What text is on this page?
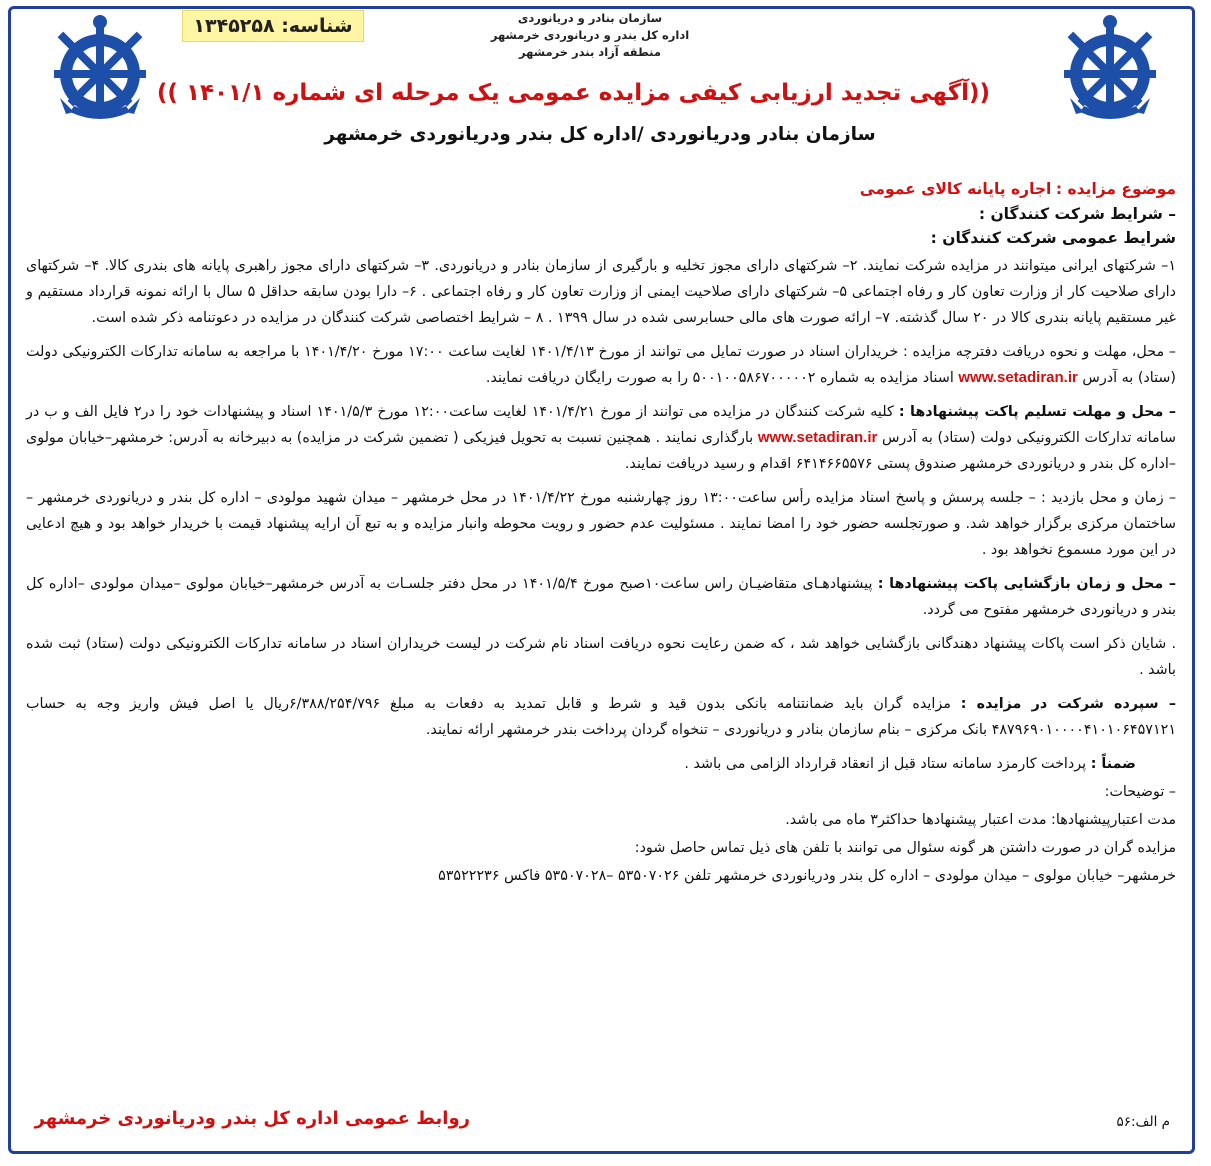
شناسه: ۱۳۴۵۲۵۸	سازمان بنادر و دریانوردی
اداره کل بندر و دریانوردی خرمشهر
منطقه آزاد بندر خرمشهر
((آگهی تجدید ارزیابی کیفی مزایده عمومی یک مرحله ای شماره ۱۴۰۱/۱ ))
سازمان بنادر ودریانوردی /اداره کل بندر ودریانوردی خرمشهر

موضوع مزایده : اجاره پایانه کالای عمومی

– شرایط شرکت کنندگان :

شرایط عمومی شرکت کنندگان :

۱– شرکتهای ایرانی میتوانند در مزایده شرکت نمایند. ۲– شرکتهای دارای مجوز تخلیه و بارگیری از سازمان بنادر و دریانوردی. ۳– شرکتهای دارای مجوز راهبری پایانه های بندری کالا. ۴– شرکتهای دارای صلاحیت کار از وزارت تعاون کار و رفاه اجتماعی ۵– شرکتهای دارای صلاحیت ایمنی از وزارت تعاون کار و رفاه اجتماعی . ۶– دارا بودن سابقه حداقل ۵ سال با ارائه نمونه قرارداد مستقیم و غیر مستقیم پایانه بندری کالا در ۲۰ سال گذشته. ۷– ارائه صورت های مالی حسابرسی شده در سال ۱۳۹۹ . ۸ – شرایط اختصاصی شرکت کنندگان در مزایده در دعوتنامه ذکر شده است.

– محل، مهلت و نحوه دریافت دفترچه مزایده : خریداران اسناد در صورت تمایل می توانند از مورخ ۱۴۰۱/۴/۱۳ لغایت ساعت ۱۷:۰۰ مورخ ۱۴۰۱/۴/۲۰ با مراجعه به سامانه تدارکات الکترونیکی دولت (ستاد) به آدرس www.setadiran.ir اسناد مزایده به شماره ۵۰۰۱۰۰۵۸۶۷۰۰۰۰۰۲ را به صورت رایگان دریافت نمایند.

– محل و مهلت تسلیم پاکت پیشنهادها : کلیه شرکت کنندگان در مزایده می توانند از مورخ ۱۴۰۱/۴/۲۱ لغایت ساعت۱۲:۰۰ مورخ ۱۴۰۱/۵/۳ اسناد و پیشنهادات خود را در۲ فایل الف و ب در سامانه تدارکات الکترونیکی دولت (ستاد) به آدرس www.setadiran.ir بارگذاری نمایند . همچنین نسبت به تحویل فیزیکی ( تضمین شرکت در مزایده) به دبیرخانه به آدرس: خرمشهر–خیابان مولوی –اداره کل بندر و دریانوردی خرمشهر صندوق پستی ۶۴۱۴۶۶۵۵۷۶ اقدام و رسید دریافت نمایند.

– زمان و محل بازدید : – جلسه پرسش و پاسخ اسناد مزایده رأس ساعت۱۳:۰۰ روز چهارشنبه مورخ ۱۴۰۱/۴/۲۲ در محل خرمشهر – میدان شهید مولودی – اداره کل بندر و دریانوردی خرمشهر – ساختمان مرکزی برگزار خواهد شد. و صورتجلسه حضور خود را امضا نمایند . مسئولیت عدم حضور و رویت محوطه وانبار مزایده و به تبع آن ارایه پیشنهاد قیمت با خریدار خواهد بود و هیچ ادعایی در این مورد مسموع نخواهد بود .

– محل و زمان بازگشایی پاکت پیشنهادها : پیشنهادهـای متقاضیـان راس ساعت۱۰صبح مورخ ۱۴۰۱/۵/۴ در محل دفتر جلسـات به آدرس خرمشهر–خیابان مولوی –میدان مولودی –اداره کل بندر و دریانوردی خرمشهر مفتوح می گردد.

. شایان ذکر است پاکات پیشنهاد دهندگانی بازگشایی خواهد شد ، که ضمن رعایت نحوه دریافت اسناد نام شرکت در لیست خریداران اسناد در سامانه تدارکات الکترونیکی دولت (ستاد) ثبت شده باشد .

– سپرده شرکت در مزایده : مزایده گران باید ضمانتنامه بانکی بدون قید و شرط و قابل تمدید به دفعات به مبلغ ۶/۳۸۸/۲۵۴/۷۹۶ریال یا اصل فیش واریز وجه به حساب ۴۸۷۹‬‬۶۹۰۱۰۰۰۰۴۱۰۱۰۶۴۵۷۱۲۱ بانک مرکزی – بنام سازمان بنادر و دریانوردی – تنخواه گردان پرداخت بندر خرمشهر ارائه نمایند.

ضمناً : پرداخت کارمزد سامانه ستاد قبل از انعقاد قرارداد الزامی می باشد .

– توضیحات:

مدت اعتبارپیشنهادها: مدت اعتبار پیشنهادها حداکثر۳ ماه می باشد.

مزایده گران در صورت داشتن هر گونه سئوال می توانند با تلفن های ذیل تماس حاصل شود:

خرمشهر– خیابان مولوی – میدان مولودی – اداره کل بندر ودریانوردی خرمشهر تلفن ۵۳۵۰۷۰۲۶ –۵۳۵۰۷۰۲۸ فاکس ۵۳۵۲۲۲۳۶

روابط عمومی اداره کل بندر ودریانوردی خرمشهر	م الف:۵۶
